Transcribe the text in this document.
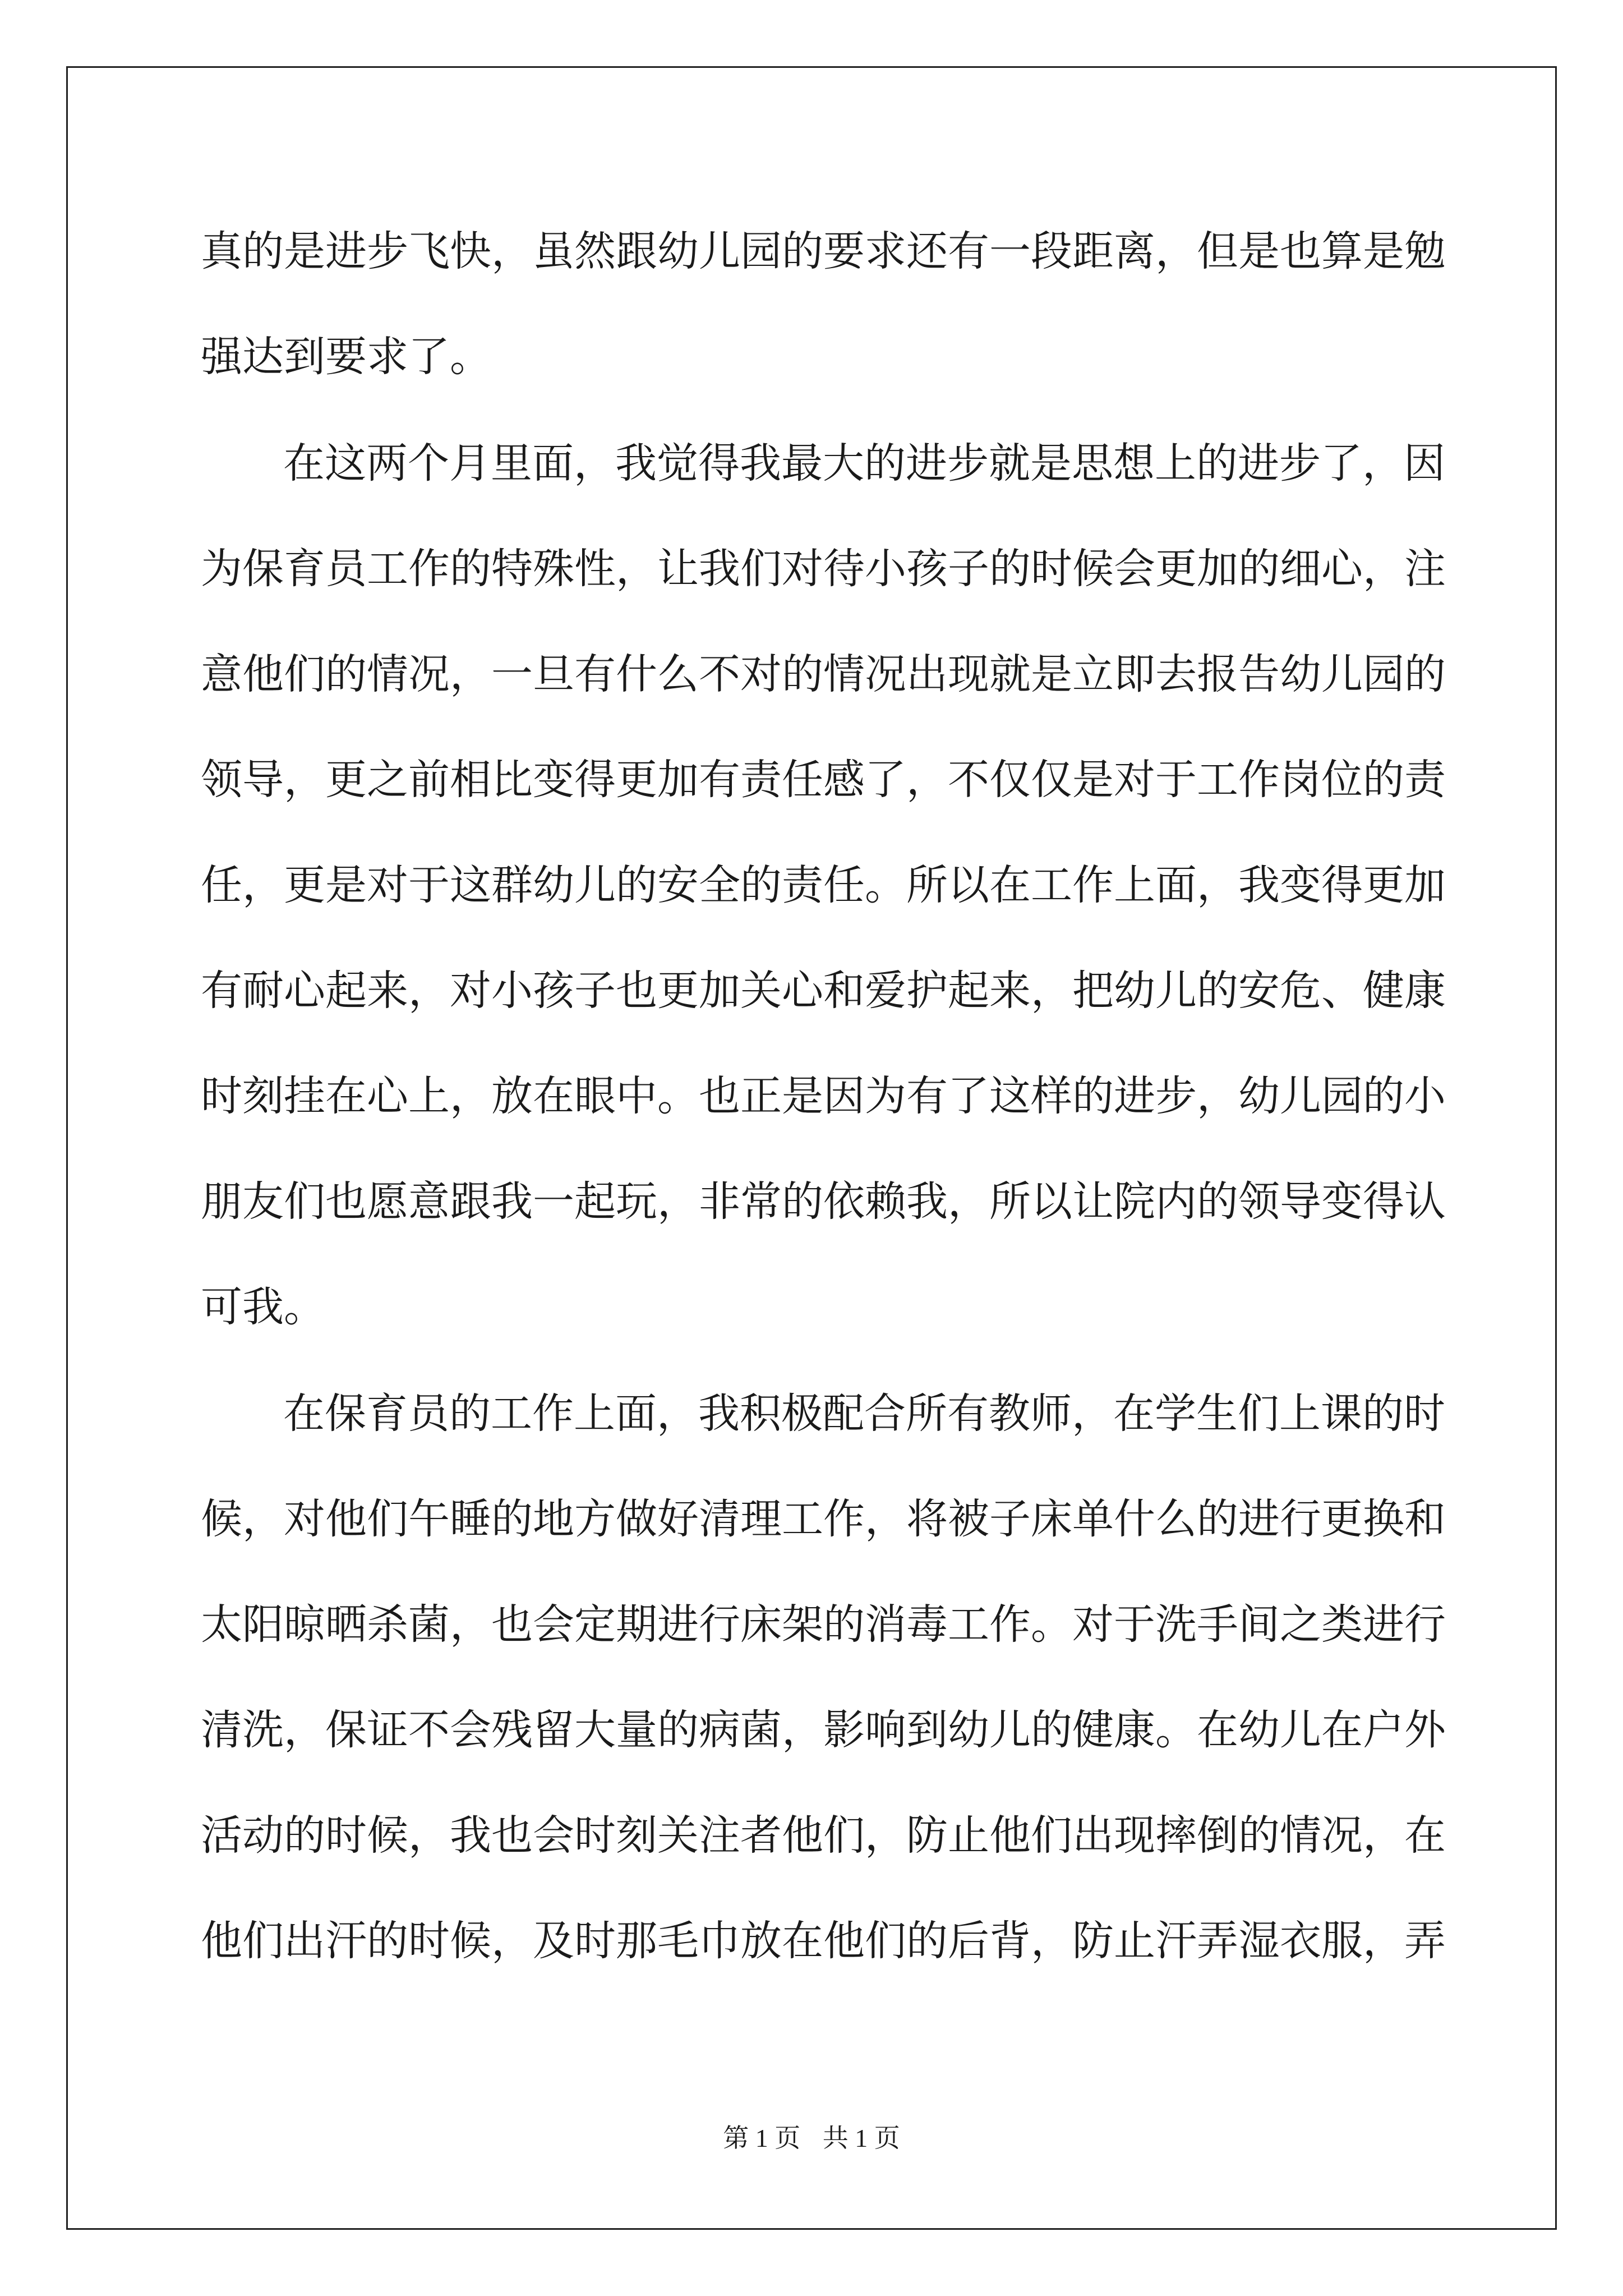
真的是进步飞快，虽然跟幼儿园的要求还有一段距离，但是也算是勉
强达到要求了。
在这两个月里面，我觉得我最大的进步就是思想上的进步了，因
为保育员工作的特殊性，让我们对待小孩子的时候会更加的细心，注
意他们的情况，一旦有什么不对的情况出现就是立即去报告幼儿园的
领导，更之前相比变得更加有责任感了，不仅仅是对于工作岗位的责
任，更是对于这群幼儿的安全的责任。所以在工作上面，我变得更加
有耐心起来，对小孩子也更加关心和爱护起来，把幼儿的安危、健康
时刻挂在心上，放在眼中。也正是因为有了这样的进步，幼儿园的小
朋友们也愿意跟我一起玩，非常的依赖我，所以让院内的领导变得认
可我。
在保育员的工作上面，我积极配合所有教师，在学生们上课的时
候，对他们午睡的地方做好清理工作，将被子床单什么的进行更换和
太阳晾晒杀菌，也会定期进行床架的消毒工作。对于洗手间之类进行
清洗，保证不会残留大量的病菌，影响到幼儿的健康。在幼儿在户外
活动的时候，我也会时刻关注者他们，防止他们出现摔倒的情况，在
他们出汗的时候，及时那毛巾放在他们的后背，防止汗弄湿衣服，弄
第 1 页 共 1 页
